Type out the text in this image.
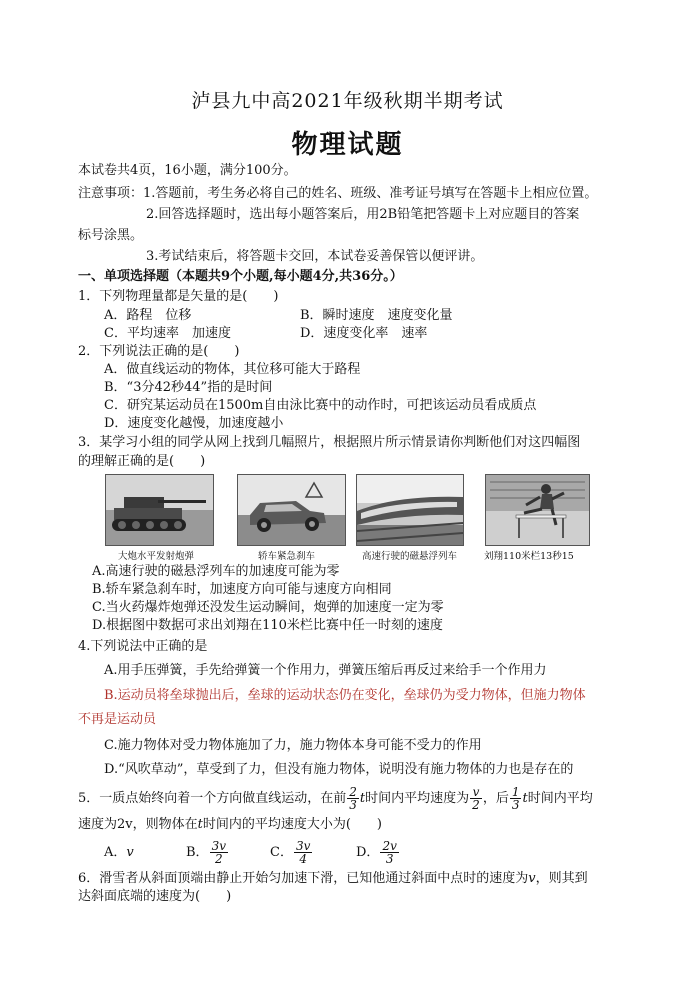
泸县九中高2021年级秋期半期考试
物理试题
本试卷共4页，16小题，满分100分。
注意事项：1.答题前，考生务必将自己的姓名、班级、准考证号填写在答题卡上相应位置。
2.回答选择题时，选出每小题答案后，用2B铅笔把答题卡上对应题目的答案
标号涂黑。
3.考试结束后，将答题卡交回，本试卷妥善保管以便评讲。
一、单项选择题（本题共9个小题,每小题4分,共36分。）
1．下列物理量都是矢量的是(　　)
A．路程　位移	B．瞬时速度　速度变化量
C．平均速率　加速度	D．速度变化率　速率
2．下列说法正确的是(　　)
A．做直线运动的物体，其位移可能大于路程
B．“3分42秒44”指的是时间
C．研究某运动员在1500m自由泳比赛中的动作时，可把该运动员看成质点
D．速度变化越慢，加速度越小
3．某学习小组的同学从网上找到几幅照片，根据照片所示情景请你判断他们对这四幅图
的理解正确的是(　　)
大炮水平发射炮弹	轿车紧急刹车	高速行驶的磁悬浮列车	刘翔110米栏13秒15
A.高速行驶的磁悬浮列车的加速度可能为零
B.轿车紧急刹车时，加速度方向可能与速度方向相同
C.当火药爆炸炮弹还没发生运动瞬间，炮弹的加速度一定为零
D.根据图中数据可求出刘翔在110米栏比赛中任一时刻的速度
4.下列说法中正确的是
A.用手压弹簧，手先给弹簧一个作用力，弹簧压缩后再反过来给手一个作用力
B.运动员将垒球抛出后，垒球的运动状态仍在变化，垒球仍为受力物体，但施力物体
不再是运动员
C.施力物体对受力物体施加了力，施力物体本身可能不受力的作用
D.“风吹草动”，草受到了力，但没有施力物体，说明没有施力物体的力也是存在的
5．一质点始终向着一个方向做直线运动，在前 $\frac{2}{3}$ t时间内平均速度为 $\frac{v}{2}$ ，后 $\frac{1}{3}$ t时间内平均
速度为2v，则物体在t时间内的平均速度大小为(　　)
A．v	B． $\frac{3v}{2}$	C． $\frac{3v}{4}$	D． $\frac{2v}{3}$
6．滑雪者从斜面顶端由静止开始匀加速下滑，已知他通过斜面中点时的速度为v，则其到
达斜面底端的速度为(　　)
